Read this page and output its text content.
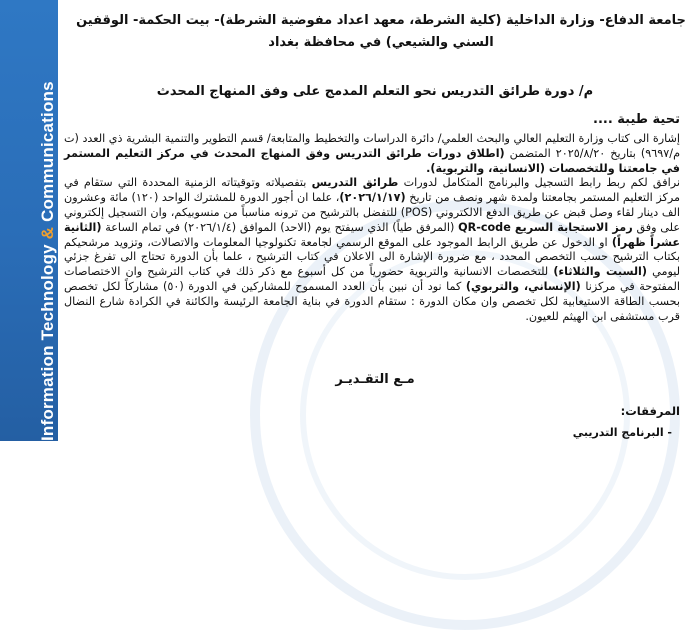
Information Technology & Communications
جامعة الدفاع- وزارة الداخلية (كلية الشرطة، معهد اعداد مفوضية الشرطة)- بيت الحكمة- الوقفين
السني والشيعي) في محافظة بغداد
م/ دورة طرائق التدريس نحو التعلم المدمج على وفق المنهاج المحدث
تحية طيبة ....

إشارة الى كتاب وزارة التعليم العالي والبحث العلمي/ دائرة الدراسات والتخطيط والمتابعة/ قسم التطوير والتنمية البشرية ذي العدد (ت م/٩٦٩٧) بتاريخ ٢٠٢٥/٨/٢٠ المتضمن (اطلاق دورات طرائق التدريس وفق المنهاج المحدث في مركز التعليم المستمر في جامعتنا وللتخصصات (الانسانية، والتربوية).

نرافق لكم ربط رابط التسجيل والبرنامج المتكامل لدورات طرائق التدريس بتفصيلاته وتوقيتاته الزمنية المحددة التي ستقام في مركز التعليم المستمر بجامعتنا ولمدة شهر ونصف من تاريخ (٢٠٢٦/١/١٧)، علما ان أجور الدورة للمشترك الواحد (١٢٠) مائة وعشرون الف دينار لقاء وصل قبض عن طريق الدفع الالكتروني (POS) للتفضل بالترشيح من ترونه مناسباً من منسوبيكم، وان التسجيل إلكتروني على وفق رمز الاستجابة السريع QR-code (المرفق طياً) الذي سيفتح يوم (الاحد) الموافق (٢٠٢٦/١/٤) في تمام الساعة (الثانية عشراً ظهراً) او الدخول عن طريق الرابط الموجود على الموقع الرسمي لجامعة تكنولوجيا المعلومات والاتصالات، وتزويد مرشحيكم بكتاب الترشيح حسب التخصص المحدد ، مع ضرورة الإشارة الى الاعلان في كتاب الترشيح ، علما بأن الدورة تحتاج الى تفرغ جزئي ليومي (السبت والثلاثاء) للتخصصات الانسانية والتربوية حضورياً من كل أسبوع مع ذكر ذلك في كتاب الترشيح وان الاختصاصات المفتوحة في مركزنا (الإنساني، والتربوي) كما نود أن نبين بأن العدد المسموح للمشاركين في الدورة (٥٠) مشاركاً لكل تخصص بحسب الطاقة الاستيعابية لكل تخصص وان مكان الدورة : ستقام الدورة في بناية الجامعة الرئيسة والكائنة في الكرادة شارع النضال قرب مستشفى ابن الهيثم للعيون.

مـع التقـديـر
المرفقات:
- البرنامج التدريبي
